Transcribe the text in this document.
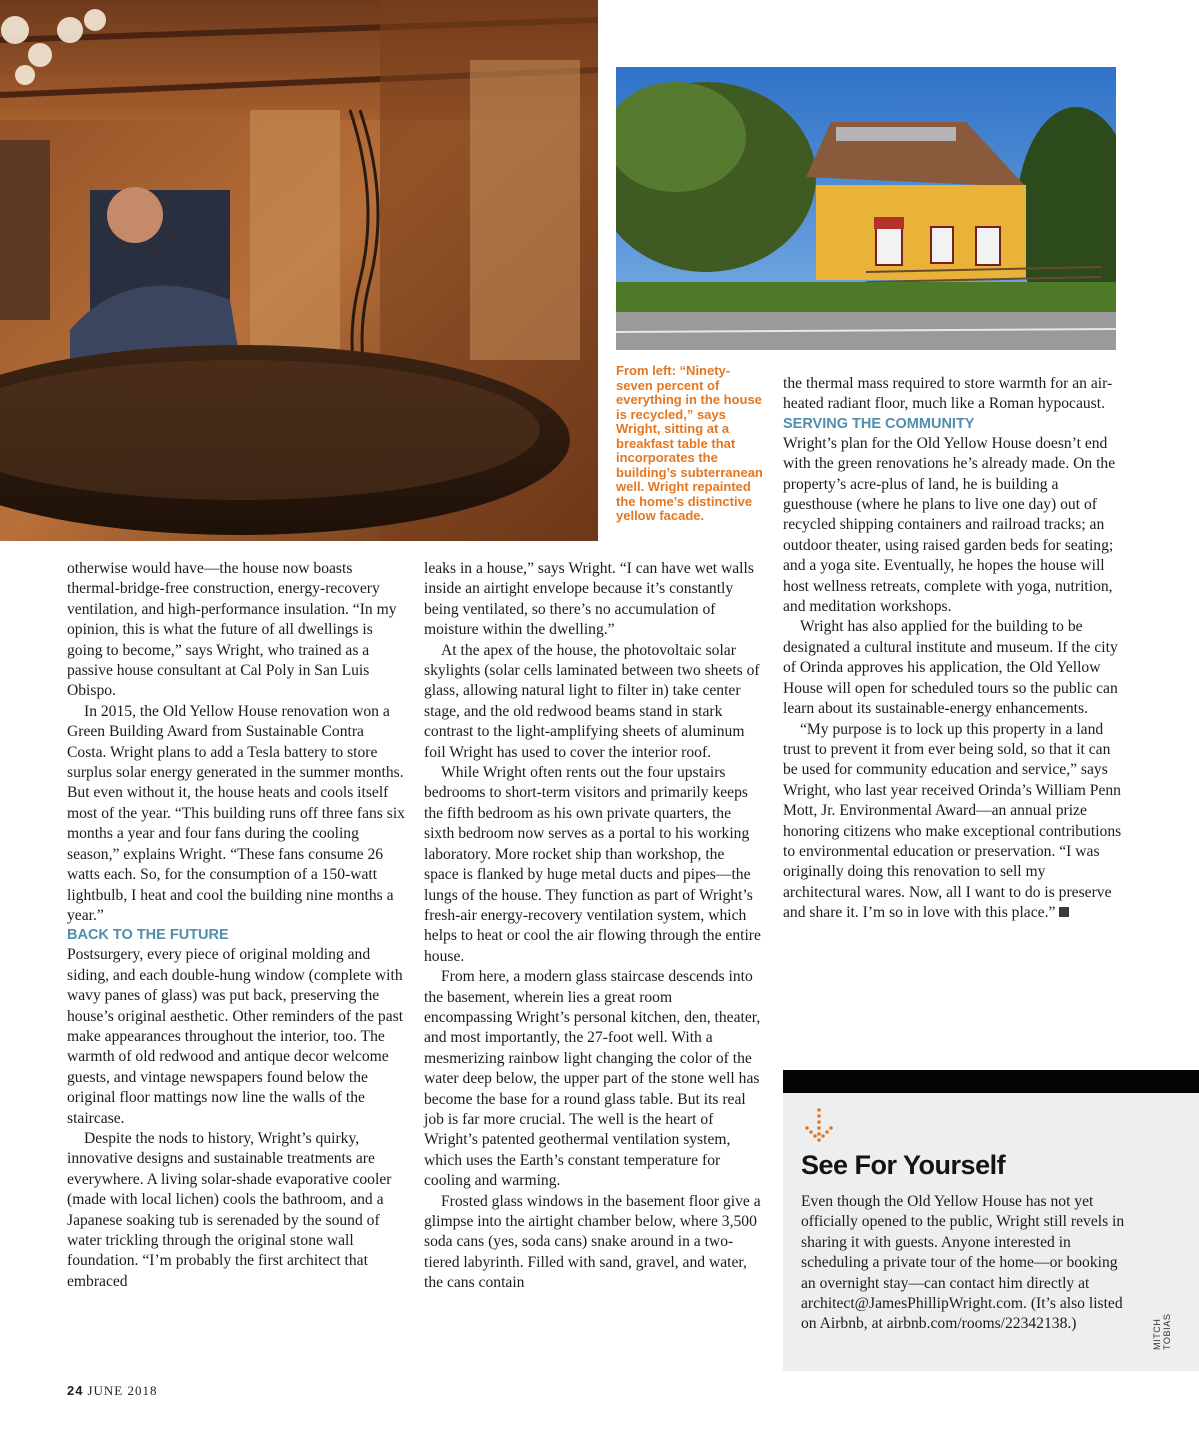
From left: “Ninety-seven percent of everything in the house is recycled,” says Wright, sitting at a breakfast table that incorporates the building’s subterranean well. Wright repainted the home’s distinctive yellow facade.

otherwise would have—the house now boasts thermal-bridge-free construction, energy-recovery ventilation, and high-performance insulation. “In my opinion, this is what the future of all dwellings is going to become,” says Wright, who trained as a passive house consultant at Cal Poly in San Luis Obispo.

In 2015, the Old Yellow House renovation won a Green Building Award from Sustainable Contra Costa. Wright plans to add a Tesla battery to store surplus solar energy generated in the summer months. But even without it, the house heats and cools itself most of the year. “This building runs off three fans six months a year and four fans during the cooling season,” explains Wright. “These fans consume 26 watts each. So, for the consumption of a 150-watt lightbulb, I heat and cool the building nine months a year.”

BACK TO THE FUTURE

Postsurgery, every piece of original molding and siding, and each double-hung window (complete with wavy panes of glass) was put back, preserving the house’s original aesthetic. Other reminders of the past make appearances throughout the interior, too. The warmth of old redwood and antique decor welcome guests, and vintage newspapers found below the original floor mattings now line the walls of the staircase.

Despite the nods to history, Wright’s quirky, innovative designs and sustainable treatments are everywhere. A living solar-shade evaporative cooler (made with local lichen) cools the bathroom, and a Japanese soaking tub is serenaded by the sound of water trickling through the original stone wall foundation. “I’m probably the first architect that embraced

leaks in a house,” says Wright. “I can have wet walls inside an airtight envelope because it’s constantly being ventilated, so there’s no accumulation of moisture within the dwelling.”

At the apex of the house, the photovoltaic solar skylights (solar cells laminated between two sheets of glass, allowing natural light to filter in) take center stage, and the old redwood beams stand in stark contrast to the light-amplifying sheets of aluminum foil Wright has used to cover the interior roof.

While Wright often rents out the four upstairs bedrooms to short-term visitors and primarily keeps the fifth bedroom as his own private quarters, the sixth bedroom now serves as a portal to his working laboratory. More rocket ship than workshop, the space is flanked by huge metal ducts and pipes—the lungs of the house. They function as part of Wright’s fresh-air energy-recovery ventilation system, which helps to heat or cool the air flowing through the entire house.

From here, a modern glass staircase descends into the basement, wherein lies a great room encompassing Wright’s personal kitchen, den, theater, and most importantly, the 27-foot well. With a mesmerizing rainbow light changing the color of the water deep below, the upper part of the stone well has become the base for a round glass table. But its real job is far more crucial. The well is the heart of Wright’s patented geothermal ventilation system, which uses the Earth’s constant temperature for cooling and warming.

Frosted glass windows in the basement floor give a glimpse into the airtight chamber below, where 3,500 soda cans (yes, soda cans) snake around in a two-tiered labyrinth. Filled with sand, gravel, and water, the cans contain

the thermal mass required to store warmth for an air-heated radiant floor, much like a Roman hypocaust.

SERVING THE COMMUNITY

Wright’s plan for the Old Yellow House doesn’t end with the green renovations he’s already made. On the property’s acre-plus of land, he is building a guesthouse (where he plans to live one day) out of recycled shipping containers and railroad tracks; an outdoor theater, using raised garden beds for seating; and a yoga site. Eventually, he hopes the house will host wellness retreats, complete with yoga, nutrition, and meditation workshops.

Wright has also applied for the building to be designated a cultural institute and museum. If the city of Orinda approves his application, the Old Yellow House will open for scheduled tours so the public can learn about its sustainable-energy enhancements.

“My purpose is to lock up this property in a land trust to prevent it from ever being sold, so that it can be used for community education and service,” says Wright, who last year received Orinda’s William Penn Mott, Jr. Environmental Award—an annual prize honoring citizens who make exceptional contributions to environmental education or preservation. “I was originally doing this renovation to sell my architectural wares. Now, all I want to do is preserve and share it. I’m so in love with this place.”

See For Yourself
Even though the Old Yellow House has not yet officially opened to the public, Wright still revels in sharing it with guests. Anyone interested in scheduling a private tour of the home—or booking an overnight stay—can contact him directly at architect@JamesPhillipWright.com. (It’s also listed on Airbnb, at airbnb.com/rooms/22342138.)	MITCH TOBIAS
24 JUNE 2018
